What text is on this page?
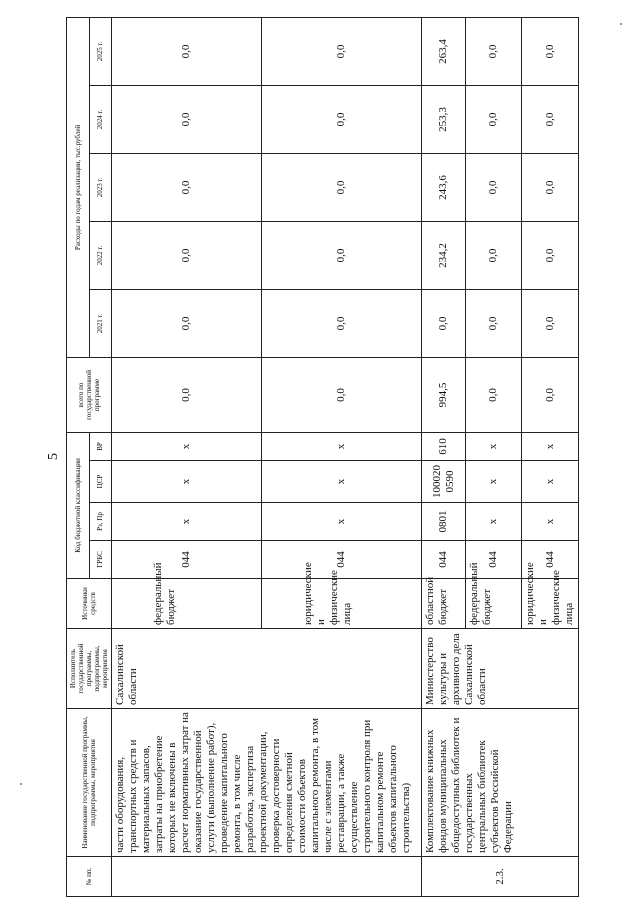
5
№ пп.	Наименование государственной программы, подпрограммы, мероприятия	Исполнитель государственной программы, подпрограммы, мероприятия	Источники средств	Код бюджетной классификации				всего по государственной программе	Расходы по годам реализации, тыс.рублей				
				ГРБС	Рз, Пр	ЦСР	ВР		2021 г.	2022 г.	2023 г.	2024 г.	2025 г.
	части оборудования, транспортных средств и материальных запасов, затраты на приобретение которых не включены в расчет нормативных затрат на оказание государственной услуги (выполнение работ), проведение капитального ремонта, в том числе разработка, экспертиза проектной документации, проверка достоверности определения сметной стоимости объектов капитального ремонта, в том числе с элементами реставрации, а также осуществление строительного контроля при капитальном ремонте объектов капитального строительства)	Сахалинской области	федеральный бюджет	044	х	х	х	0,0	0,0	0,0	0,0	0,0	0,0
			юридические и физические лица	044	х	х	х	0,0	0,0	0,0	0,0	0,0	0,0
2.3.	Комплектование книжных фондов муниципальных общедоступных библиотек и государственных центральных библиотек субъектов Российской Федерации	Министерство культуры и архивного дела Сахалинской области	областной бюджет	044	0801	1000200590	610	994,5	0,0	234,2	243,6	253,3	263,4
			федеральный бюджет	044	х	х	х	0,0	0,0	0,0	0,0	0,0	0,0
			юридические и физические лица	044	х	х	х	0,0	0,0	0,0	0,0	0,0	0,0
